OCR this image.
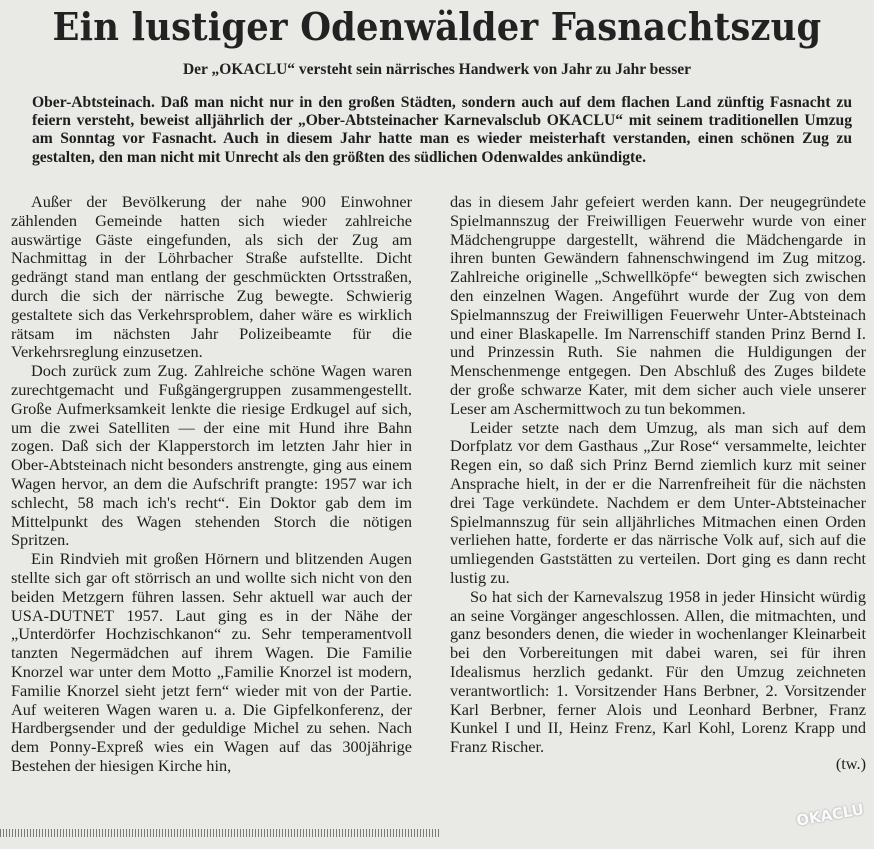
Ein lustiger Odenwälder Fasnachtszug
Der „OKACLU“ versteht sein närrisches Handwerk von Jahr zu Jahr besser
Ober-Abtsteinach. Daß man nicht nur in den großen Städten, sondern auch auf dem flachen Land zünftig Fasnacht zu feiern versteht, beweist alljährlich der „Ober-Abtsteinacher Karnevalsclub OKACLU“ mit seinem traditionellen Umzug am Sonntag vor Fasnacht. Auch in diesem Jahr hatte man es wieder meisterhaft verstanden, einen schönen Zug zu gestalten, den man nicht mit Unrecht als den größten des südlichen Odenwaldes ankündigte.

Außer der Bevölkerung der nahe 900 Einwohner zählenden Gemeinde hatten sich wieder zahlreiche auswärtige Gäste eingefunden, als sich der Zug am Nachmittag in der Löhrbacher Straße aufstellte. Dicht gedrängt stand man entlang der geschmückten Ortsstraßen, durch die sich der närrische Zug bewegte. Schwierig gestaltete sich das Verkehrsproblem, daher wäre es wirklich rätsam im nächsten Jahr Polizeibeamte für die Verkehrsreglung einzusetzen.

Doch zurück zum Zug. Zahlreiche schöne Wagen waren zurechtgemacht und Fußgängergruppen zusammengestellt. Große Aufmerksamkeit lenkte die riesige Erdkugel auf sich, um die zwei Satelliten — der eine mit Hund ihre Bahn zogen. Daß sich der Klapperstorch im letzten Jahr hier in Ober-Abtsteinach nicht besonders anstrengte, ging aus einem Wagen hervor, an dem die Aufschrift prangte: 1957 war ich schlecht, 58 mach ich's recht“. Ein Doktor gab dem im Mittelpunkt des Wagen stehenden Storch die nötigen Spritzen.

Ein Rindvieh mit großen Hörnern und blitzenden Augen stellte sich gar oft störrisch an und wollte sich nicht von den beiden Metzgern führen lassen. Sehr aktuell war auch der USA-DUTNET 1957. Laut ging es in der Nähe der „Unterdörfer Hochzischkanon“ zu. Sehr temperamentvoll tanzten Negermädchen auf ihrem Wagen. Die Familie Knorzel war unter dem Motto „Familie Knorzel ist modern, Familie Knorzel sieht jetzt fern“ wieder mit von der Partie. Auf weiteren Wagen waren u. a. Die Gipfelkonferenz, der Hardbergsender und der geduldige Michel zu sehen. Nach dem Ponny-Expreß wies ein Wagen auf das 300jährige Bestehen der hiesigen Kirche hin,

das in diesem Jahr gefeiert werden kann. Der neugegründete Spielmannszug der Freiwilligen Feuerwehr wurde von einer Mädchengruppe dargestellt, während die Mädchengarde in ihren bunten Gewändern fahnenschwingend im Zug mitzog. Zahlreiche originelle „Schwellköpfe“ bewegten sich zwischen den einzelnen Wagen. Angeführt wurde der Zug von dem Spielmannszug der Freiwilligen Feuerwehr Unter-Abtsteinach und einer Blaskapelle. Im Narrenschiff standen Prinz Bernd I. und Prinzessin Ruth. Sie nahmen die Huldigungen der Menschenmenge entgegen. Den Abschluß des Zuges bildete der große schwarze Kater, mit dem sicher auch viele unserer Leser am Aschermittwoch zu tun bekommen.

Leider setzte nach dem Umzug, als man sich auf dem Dorfplatz vor dem Gasthaus „Zur Rose“ versammelte, leichter Regen ein, so daß sich Prinz Bernd ziemlich kurz mit seiner Ansprache hielt, in der er die Narrenfreiheit für die nächsten drei Tage verkündete. Nachdem er dem Unter-Abtsteinacher Spielmannszug für sein alljährliches Mitmachen einen Orden verliehen hatte, forderte er das närrische Volk auf, sich auf die umliegenden Gaststätten zu verteilen. Dort ging es dann recht lustig zu.

So hat sich der Karnevalszug 1958 in jeder Hinsicht würdig an seine Vorgänger angeschlossen. Allen, die mitmachten, und ganz besonders denen, die wieder in wochenlanger Kleinarbeit bei den Vorbereitungen mit dabei waren, sei für ihren Idealismus herzlich gedankt. Für den Umzug zeichneten verantwortlich: 1. Vorsitzender Hans Berbner, 2. Vorsitzender Karl Berbner, ferner Alois und Leonhard Berbner, Franz Kunkel I und II, Heinz Frenz, Karl Kohl, Lorenz Krapp und Franz Rischer.

(tw.)
OKACLU
